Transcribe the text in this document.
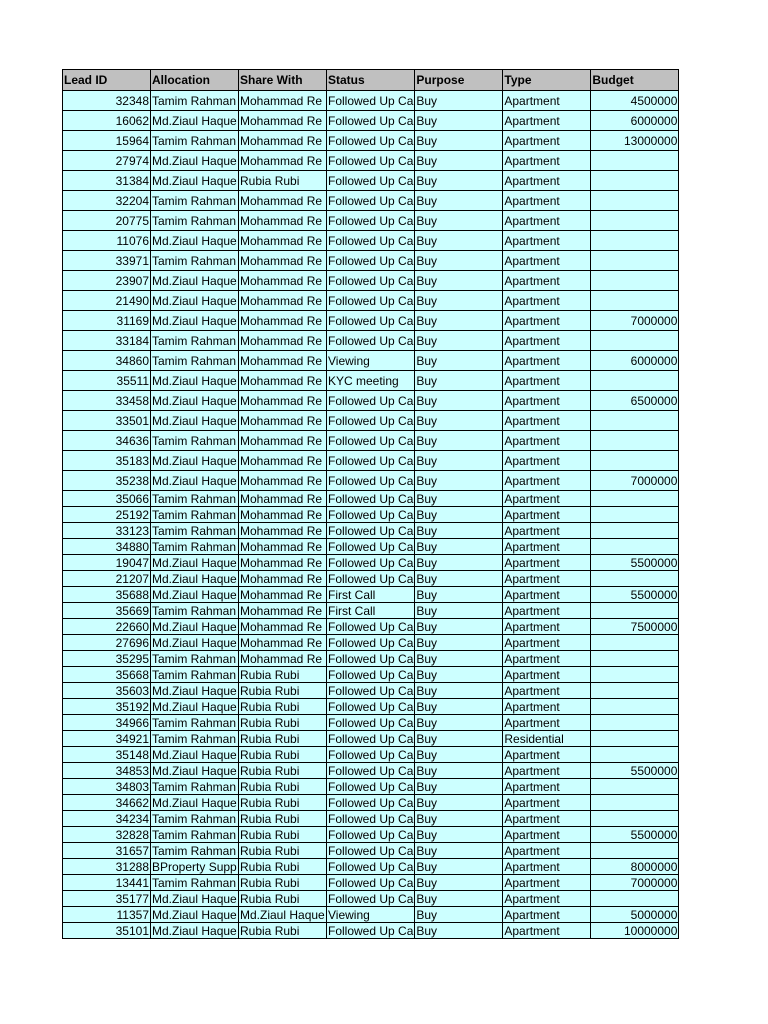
Lead ID	Allocation	Share With	Status	Purpose	Type	Budget
32348	Tamim Rahman	Mohammad Re	Followed Up Ca	Buy	Apartment	4500000
16062	Md.Ziaul Haque	Mohammad Re	Followed Up Ca	Buy	Apartment	6000000
15964	Tamim Rahman	Mohammad Re	Followed Up Ca	Buy	Apartment	13000000
27974	Md.Ziaul Haque	Mohammad Re	Followed Up Ca	Buy	Apartment	
31384	Md.Ziaul Haque	Rubia Rubi	Followed Up Ca	Buy	Apartment	
32204	Tamim Rahman	Mohammad Re	Followed Up Ca	Buy	Apartment	
20775	Tamim Rahman	Mohammad Re	Followed Up Ca	Buy	Apartment	
11076	Md.Ziaul Haque	Mohammad Re	Followed Up Ca	Buy	Apartment	
33971	Tamim Rahman	Mohammad Re	Followed Up Ca	Buy	Apartment	
23907	Md.Ziaul Haque	Mohammad Re	Followed Up Ca	Buy	Apartment	
21490	Md.Ziaul Haque	Mohammad Re	Followed Up Ca	Buy	Apartment	
31169	Md.Ziaul Haque	Mohammad Re	Followed Up Ca	Buy	Apartment	7000000
33184	Tamim Rahman	Mohammad Re	Followed Up Ca	Buy	Apartment	
34860	Tamim Rahman	Mohammad Re	Viewing	Buy	Apartment	6000000
35511	Md.Ziaul Haque	Mohammad Re	KYC meeting	Buy	Apartment	
33458	Md.Ziaul Haque	Mohammad Re	Followed Up Ca	Buy	Apartment	6500000
33501	Md.Ziaul Haque	Mohammad Re	Followed Up Ca	Buy	Apartment	
34636	Tamim Rahman	Mohammad Re	Followed Up Ca	Buy	Apartment	
35183	Md.Ziaul Haque	Mohammad Re	Followed Up Ca	Buy	Apartment	
35238	Md.Ziaul Haque	Mohammad Re	Followed Up Ca	Buy	Apartment	7000000
35066	Tamim Rahman	Mohammad Re	Followed Up Ca	Buy	Apartment	
25192	Tamim Rahman	Mohammad Re	Followed Up Ca	Buy	Apartment	
33123	Tamim Rahman	Mohammad Re	Followed Up Ca	Buy	Apartment	
34880	Tamim Rahman	Mohammad Re	Followed Up Ca	Buy	Apartment	
19047	Md.Ziaul Haque	Mohammad Re	Followed Up Ca	Buy	Apartment	5500000
21207	Md.Ziaul Haque	Mohammad Re	Followed Up Ca	Buy	Apartment	
35688	Md.Ziaul Haque	Mohammad Re	First Call	Buy	Apartment	5500000
35669	Tamim Rahman	Mohammad Re	First Call	Buy	Apartment	
22660	Md.Ziaul Haque	Mohammad Re	Followed Up Ca	Buy	Apartment	7500000
27696	Md.Ziaul Haque	Mohammad Re	Followed Up Ca	Buy	Apartment	
35295	Tamim Rahman	Mohammad Re	Followed Up Ca	Buy	Apartment	
35668	Tamim Rahman	Rubia Rubi	Followed Up Ca	Buy	Apartment	
35603	Md.Ziaul Haque	Rubia Rubi	Followed Up Ca	Buy	Apartment	
35192	Md.Ziaul Haque	Rubia Rubi	Followed Up Ca	Buy	Apartment	
34966	Tamim Rahman	Rubia Rubi	Followed Up Ca	Buy	Apartment	
34921	Tamim Rahman	Rubia Rubi	Followed Up Ca	Buy	Residential	
35148	Md.Ziaul Haque	Rubia Rubi	Followed Up Ca	Buy	Apartment	
34853	Md.Ziaul Haque	Rubia Rubi	Followed Up Ca	Buy	Apartment	5500000
34803	Tamim Rahman	Rubia Rubi	Followed Up Ca	Buy	Apartment	
34662	Md.Ziaul Haque	Rubia Rubi	Followed Up Ca	Buy	Apartment	
34234	Tamim Rahman	Rubia Rubi	Followed Up Ca	Buy	Apartment	
32828	Tamim Rahman	Rubia Rubi	Followed Up Ca	Buy	Apartment	5500000
31657	Tamim Rahman	Rubia Rubi	Followed Up Ca	Buy	Apartment	
31288	BProperty Supp	Rubia Rubi	Followed Up Ca	Buy	Apartment	8000000
13441	Tamim Rahman	Rubia Rubi	Followed Up Ca	Buy	Apartment	7000000
35177	Md.Ziaul Haque	Rubia Rubi	Followed Up Ca	Buy	Apartment	
11357	Md.Ziaul Haque	Md.Ziaul Haque	Viewing	Buy	Apartment	5000000
35101	Md.Ziaul Haque	Rubia Rubi	Followed Up Ca	Buy	Apartment	10000000
